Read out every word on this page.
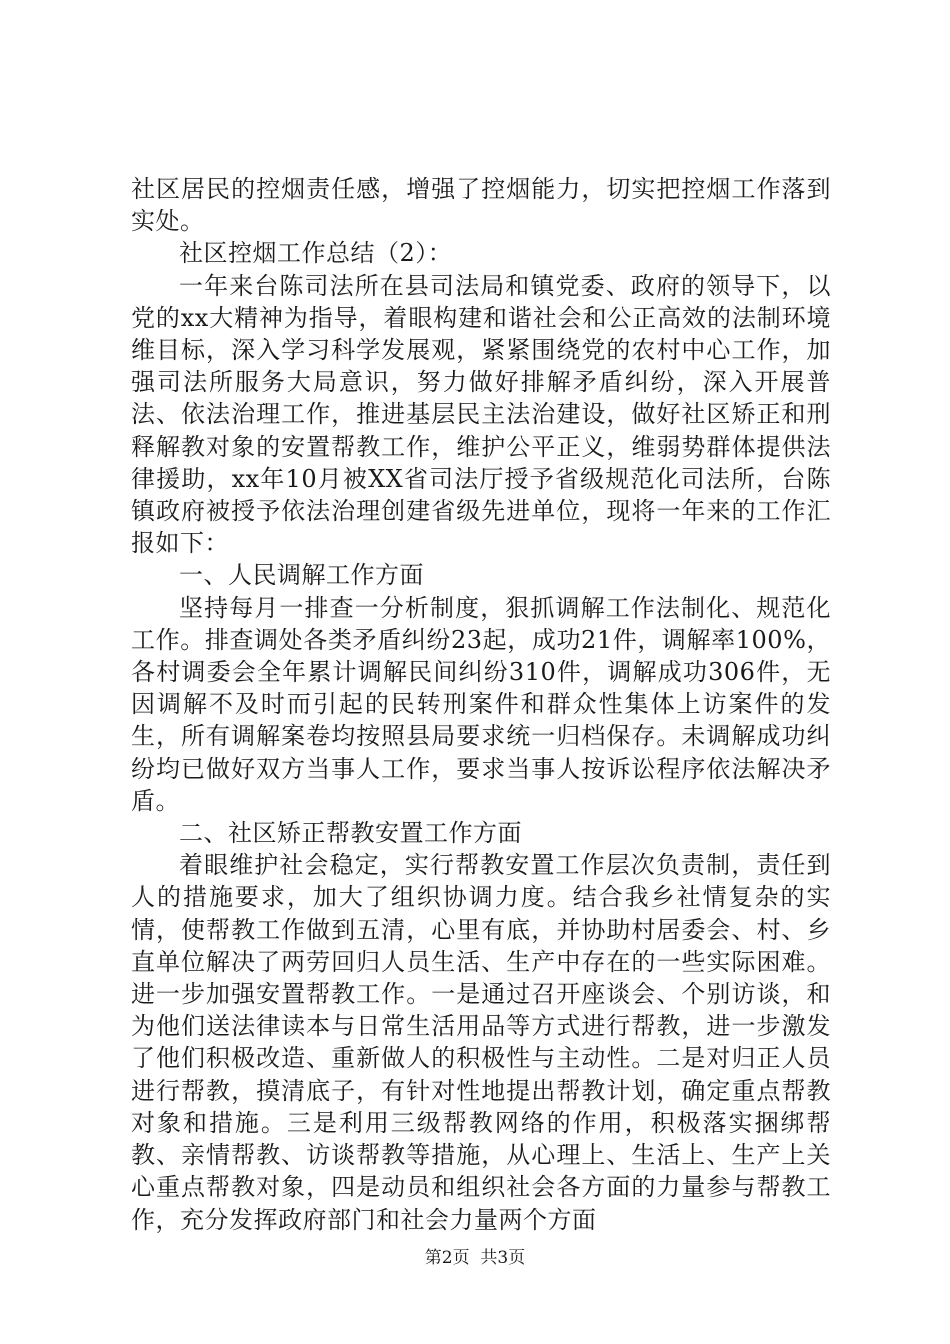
社区居民的控烟责任感，增强了控烟能力，切实把控烟工作落到实处。

社区控烟工作总结（2）：

一年来台陈司法所在县司法局和镇党委、政府的领导下，以党的xx大精神为指导，着眼构建和谐社会和公正高效的法制环境维目标，深入学习科学发展观，紧紧围绕党的农村中心工作，加强司法所服务大局意识，努力做好排解矛盾纠纷，深入开展普法、依法治理工作，推进基层民主法治建设，做好社区矫正和刑释解教对象的安置帮教工作，维护公平正义，维弱势群体提供法律援助，xx年10月被XX省司法厅授予省级规范化司法所，台陈镇政府被授予依法治理创建省级先进单位，现将一年来的工作汇报如下：

一、人民调解工作方面

坚持每月一排查一分析制度，狠抓调解工作法制化、规范化工作。排查调处各类矛盾纠纷23起，成功21件，调解率100%，各村调委会全年累计调解民间纠纷310件，调解成功306件，无因调解不及时而引起的民转刑案件和群众性集体上访案件的发生，所有调解案卷均按照县局要求统一归档保存。未调解成功纠纷均已做好双方当事人工作，要求当事人按诉讼程序依法解决矛盾。

二、社区矫正帮教安置工作方面

着眼维护社会稳定，实行帮教安置工作层次负责制，责任到人的措施要求，加大了组织协调力度。结合我乡社情复杂的实情，使帮教工作做到五清，心里有底，并协助村居委会、村、乡直单位解决了两劳回归人员生活、生产中存在的一些实际困难。进一步加强安置帮教工作。一是通过召开座谈会、个别访谈，和为他们送法律读本与日常生活用品等方式进行帮教，进一步激发了他们积极改造、重新做人的积极性与主动性。二是对归正人员进行帮教，摸清底子，有针对性地提出帮教计划，确定重点帮教对象和措施。三是利用三级帮教网络的作用，积极落实捆绑帮教、亲情帮教、访谈帮教等措施，从心理上、生活上、生产上关心重点帮教对象，四是动员和组织社会各方面的力量参与帮教工作，充分发挥政府部门和社会力量两个方面

第2页  共3页
